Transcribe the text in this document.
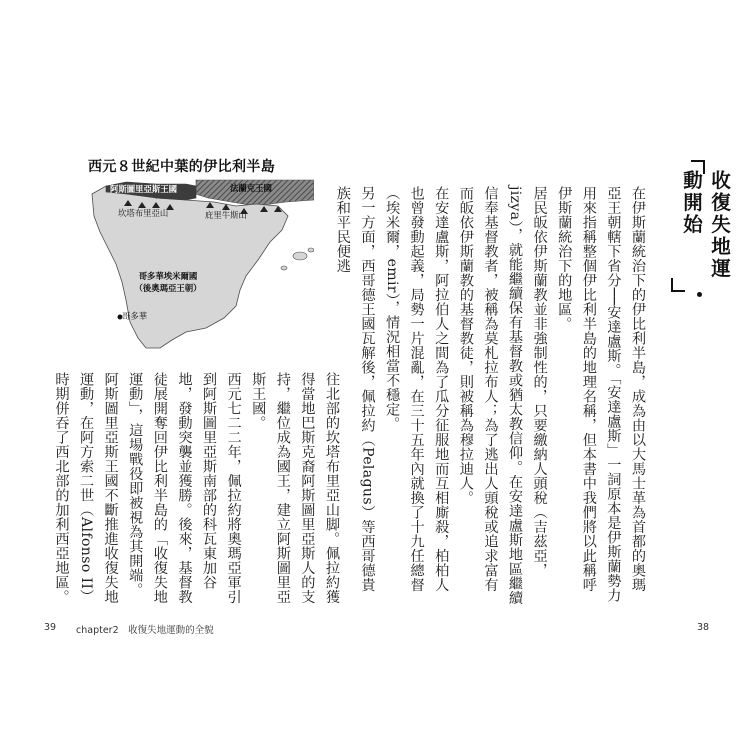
收復失地運動開始

在伊斯蘭統治下的伊比利半島，成為由以大馬士革為首都的奧瑪亞王朝轄下省分──安達盧斯。「安達盧斯」一詞原本是伊斯蘭勢力用來指稱整個伊比利半島的地理名稱，但本書中我們將以此稱呼伊斯蘭統治下的地區。

居民皈依伊斯蘭教並非強制性的，只要繳納人頭稅（吉茲亞，jizya），就能繼續保有基督教或猶太教信仰。在安達盧斯地區繼續信奉基督教者，被稱為莫札拉布人；為了逃出人頭稅或追求富有而皈依伊斯蘭教的基督教徒，則被稱為穆拉迪人。

在安達盧斯，阿拉伯人之間為了瓜分征服地而互相廝殺，柏柏人也曾發動起義，局勢一片混亂，在三十五年內就換了十九任總督（埃米爾，emir），情況相當不穩定。

另一方面，西哥德王國瓦解後，佩拉約（Pelagus）等西哥德貴族和平民便逃

西元８世紀中葉的伊比利半島
阿斯圖里亞斯王國	法蘭克王國
坎塔布里亞山	庇里牛斯山
哥多華埃米爾國
（後奧瑪亞王朝）
哥多華

往北部的坎塔布里亞山脚。佩拉約獲得當地巴斯克裔阿斯圖里亞斯人的支持，繼位成為國王，建立阿斯圖里亞斯王國。

西元七二二年，佩拉約將奧瑪亞軍引到阿斯圖里亞斯南部的科瓦東加谷地，發動突襲並獲勝。後來，基督教徒展開奪回伊比利半島的「收復失地運動」，這場戰役即被視為其開端。

阿斯圖里亞斯王國不斷推進收復失地運動，在阿方索二世（Alfonso II）時期併吞了西北部的加利西亞地區。

39 chapter2　收復失地運動的全貌	38
